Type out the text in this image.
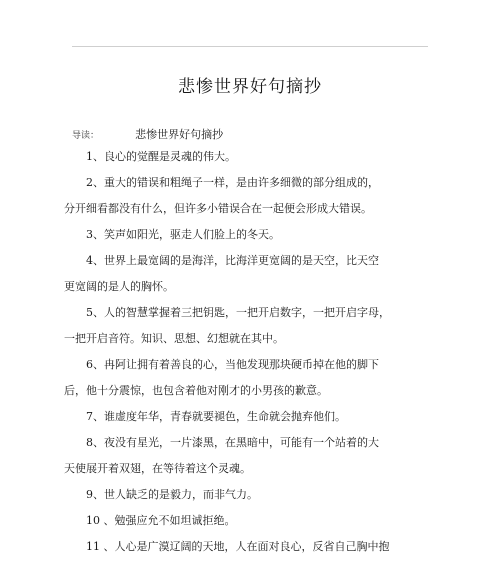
悲惨世界好句摘抄
导读：	悲惨世界好句摘抄

1、良心的觉醒是灵魂的伟大。

2、重大的错误和粗绳子一样，是由许多细微的部分组成的，

分开细看都没有什么，但许多小错误合在一起便会形成大错误。

3、笑声如阳光，驱走人们脸上的冬天。

4、世界上最宽阔的是海洋，比海洋更宽阔的是天空，比天空

更宽阔的是人的胸怀。

5、人的智慧掌握着三把钥匙，一把开启数字，一把开启字母，

一把开启音符。知识、思想、幻想就在其中。

6、冉阿让拥有着善良的心，当他发现那块硬币掉在他的脚下

后，他十分震惊，也包含着他对刚才的小男孩的歉意。

7、谁虚度年华，青春就要褪色，生命就会抛弃他们。

8、夜没有星光，一片漆黑，在黑暗中，可能有一个站着的大

天使展开着双翅，在等待着这个灵魂。

9、世人缺乏的是毅力，而非气力。

10 、勉强应允不如坦诚拒绝。

11 、人心是广漠辽阔的天地，人在面对良心，反省自己胸中抱
